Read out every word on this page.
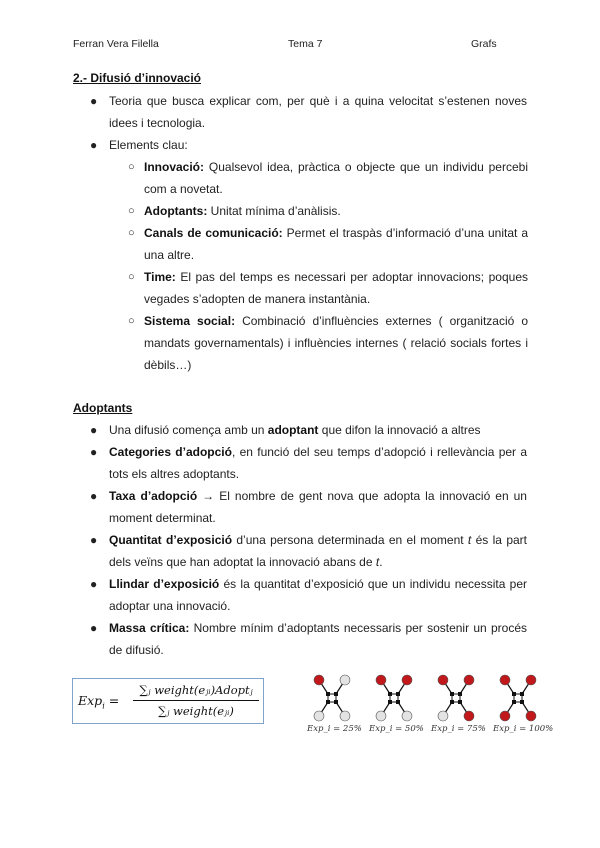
Ferran Vera Filella	Tema 7	Grafs
2.- Difusió d’innovació
● Teoria que busca explicar com, per què i a quina velocitat s’estenen noves idees i tecnologia.
● Elements clau:
○ Innovació: Qualsevol idea, pràctica o objecte que un individu percebi com a novetat.
○ Adoptants: Unitat mínima d’anàlisis.
○ Canals de comunicació: Permet el traspàs d’informació d’una unitat a una altre.
○ Time: El pas del temps es necessari per adoptar innovacions; poques vegades s’adopten de manera instantània.
○ Sistema social: Combinació d’influències externes ( organització o mandats governamentals) i influències internes ( relació socials fortes i dèbils…)
Adoptants
● Una difusió comença amb un adoptant que difon la innovació a altres
● Categories d’adopció, en funció del seu temps d’adopció i rellevància per a tots els altres adoptants.
● Taxa d’adopció → El nombre de gent nova que adopta la innovació en un moment determinat.
● Quantitat d’exposició d’una persona determinada en el moment t és la part dels veïns que han adoptat la innovació abans de t.
● Llindar d’exposició és la quantitat d’exposició que un individu necessita per adoptar una innovació.
● Massa crítica: Nombre mínim d’adoptants necessaris per sostenir un procés de difusió.
Exp$_i$ =
∑ⱼ weight(eⱼᵢ)Adoptⱼ
∑ⱼ weight(eⱼᵢ)
Exp_i = 25% Exp_i = 50% Exp_i = 75% Exp_i = 100%
